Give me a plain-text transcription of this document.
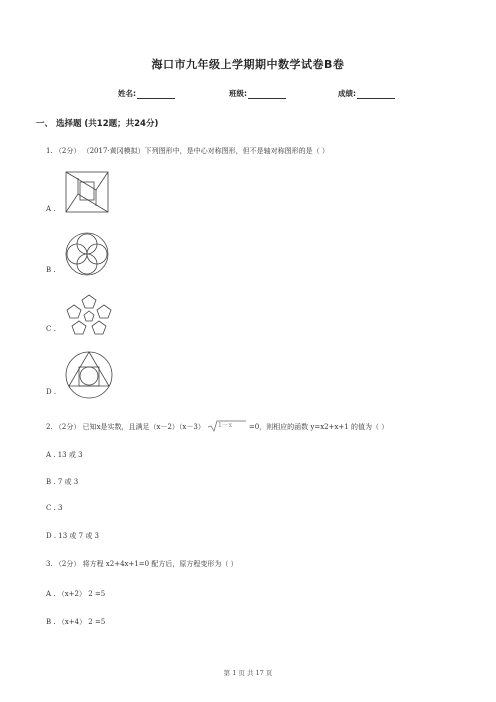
海口市九年级上学期期中数学试卷B卷
姓名:	班级:	成绩:
一、 选择题 (共12题；共24分)
1. （2分） （2017·黄冈模拟）下列图形中，是中心对称图形，但不是轴对称图形的是（ ）
A .
B .
C .
D .
2. （2分） 已知x是实数，且满足（x－2）（x－3） 1－x =0，则相应的函数 y=x2+x+1 的值为（ ）
A . 13 或 3
B . 7 或 3
C . 3
D . 13 或 7 或 3
3. （2分） 将方程 x2+4x+1=0 配方后，原方程变形为（ ）
A . （x+2） 2 =5
B . （x+4） 2 =5
第 1 页 共 17 页
